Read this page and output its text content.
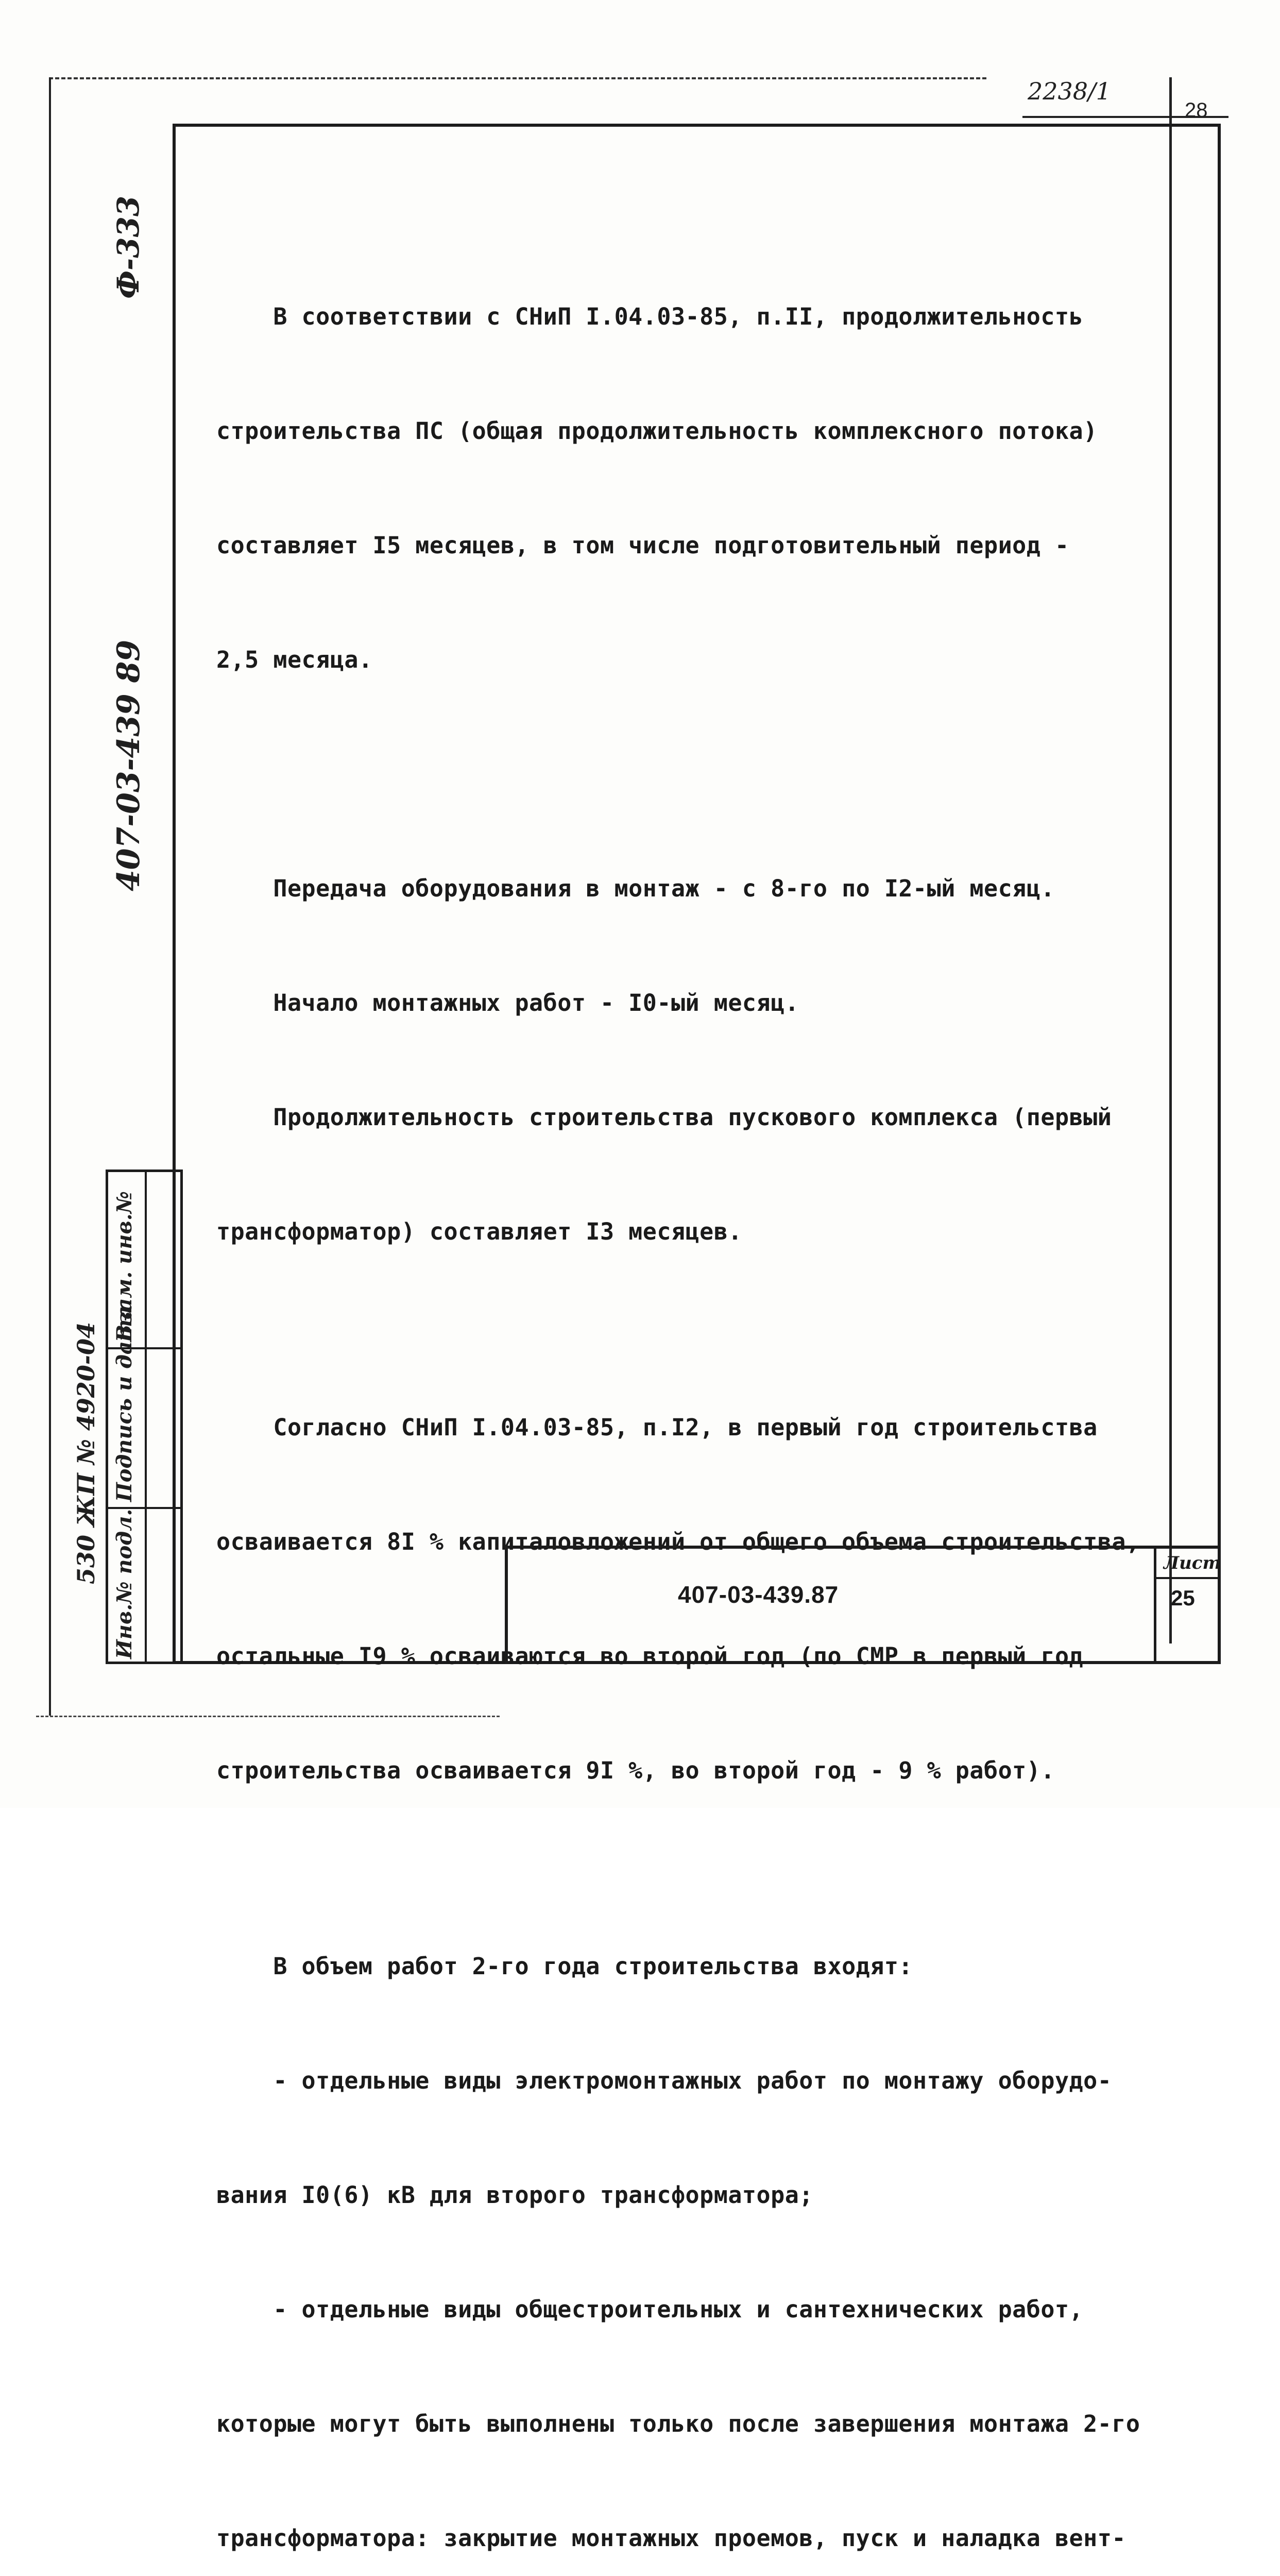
2238/1
28
Ф-333
407-03-439 89
530 ЖП № 4920-04 Инв.№ подл.
Подпись и дата
Взам. инв.№

В соответствии с СНиП I.04.03-85, п.II, продолжительность

строительства ПС (общая продолжительность комплексного потока)

составляет I5 месяцев, в том числе подготовительный период -

2,5 месяца.

Передача оборудования в монтаж - с 8-го по I2-ый месяц.

Начало монтажных работ - I0-ый месяц.

Продолжительность строительства пускового комплекса (первый

трансформатор) составляет I3 месяцев.

Согласно СНиП I.04.03-85, п.I2, в первый год строительства

осваивается 8I % капиталовложений от общего объема строительства,

остальные I9 % осваиваются во второй год (по СМР в первый год

строительства осваивается 9I %, во второй год - 9 % работ).

В объем работ 2-го года строительства входят:

- отдельные виды электромонтажных работ по монтажу оборудо-

вания I0(6) кВ для второго трансформатора;

- отдельные виды общестроительных и сантехнических работ,

которые могут быть выполнены только после завершения монтажа 2-го

трансформатора: закрытие монтажных проемов, пуск и наладка вент-

407-03-439.87
Лист
25
